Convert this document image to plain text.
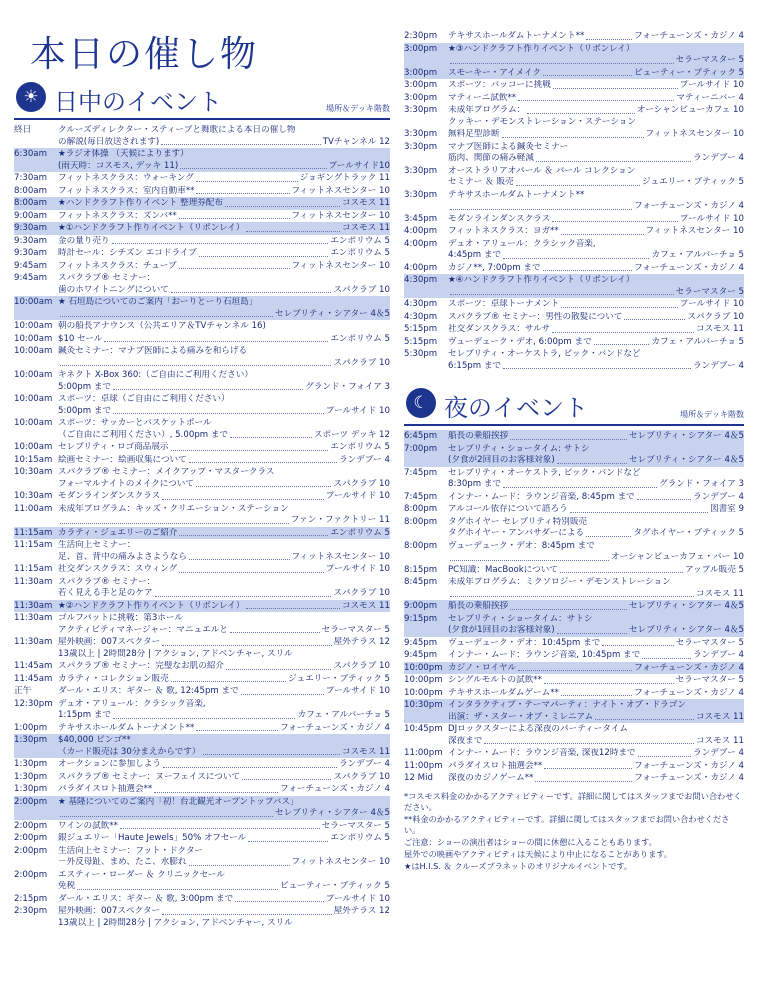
本日の催し物
☀ 日中のイベント	場所＆デッキ階数
終日	クルーズディレクター・スティーブと舞歌による本日の催し物
の解説(毎日放送されます)	TVチャンネル 12
6:30am	★ラジオ体操 （天候によります）
(雨天時：コスモス, デッキ 11)	プールサイド10
7:30am	フィットネスクラス：ウォーキング	ジョギングトラック 11
8:00am	フィットネスクラス：室内自動車**	フィットネスセンター 10
8:00am	★ハンドクラフト作りイベント 整理券配布	コスモス 11
9:00am	フィットネスクラス：ズンバ**	フィットネスセンター 10
9:30am	★①ハンドクラフト作りイベント（リボンレイ）	コスモス 11
9:30am	金の量り売り	エンポリウム 5
9:30am	時計セール：シチズン エコドライブ	エンポリウム 5
9:45am	フィットネスクラス：チューブ	フィットネスセンター 10
9:45am	スパクラブ® セミナー：
歯のホワイトニングについて	スパクラブ 10
10:00am ★ 石垣島についてのご案内「おーりとーり石垣島」
セレブリティ・シアター 4＆5
10:00am 朝の船長アナウンス（公共エリア＆TVチャンネル 16)
10:00am $10 セール	エンポリウム 5
10:00am 鍼灸セミナー：マナブ医師による痛みを和らげる
スパクラブ 10
10:00am キネクト X-Box 360:（ご自由にご利用ください）
5:00pm まで	グランド・フォイア 3
10:00am スポーツ：卓球（ご自由にご利用ください）
5:00pm まで	プールサイド 10
10:00am スポーツ：サッカーとバスケットボール
（ご自由にご利用ください）, 5.00pm まで	スポーツ デッキ 12
10:00am セレブリティ・ロゴ商品展示	エンポリウム 5
10:15am 絵画セミナー：絵画収集について	ランデブー 4
10:30am スパクラブ® セミナー：メイクアップ・マスタークラス
フォーマルナイトのメイクについて	スパクラブ 10
10:30am モダンラインダンスクラス	プールサイド 10
11:00am 未成年プログラム：キッズ・クリエーション・ステーション
ファン・ファクトリー 11
11:15am カラティ・ジュエリーのご紹介	エンポリウム 5
11:15am 生活向上セミナー：
足、首、背中の痛みよさようなら	フィットネスセンター 10
11:15am 社交ダンスクラス：スウィング	プールサイド 10
11:30am スパクラブ® セミナー：
若く見える手と足のケア	スパクラブ 10
11:30am ★②ハンドクラフト作りイベント（リボンレイ）	コスモス 11
11:30am ゴルフパットに挑戦：第3ホール
アクティビティマネージャー：マニュエルと	セラーマスター 5
11:30am 屋外映画：007スペクター	屋外テラス 12
13歳以上 | 2時間28分 | アクション, アドベンチャー, スリル
11:45am スパクラブ® セミナー：完璧なお肌の紹介	スパクラブ 10
11:45am カラティ・コレクション販売	ジュエリー・ブティック 5
正午	ダール・エリス：ギター ＆ 歌, 12:45pm まで	プールサイド 10
12:30pm デュオ・アリュール：クラシック音楽,
1:15pm まで	カフェ・アルバーチョ 5
1:00pm	テキサスホールダムトーナメント**	フォーチューンズ・カジノ 4
1:30pm	$40,000 ビンゴ**
（カード販売は 30分まえからです）	コスモス 11
1:30pm	オークションに参加しよう	ランデブー 4
1:30pm	スパクラブ® セミナー：ヌーフェイスについて	スパクラブ 10
1:30pm	パラダイスロト抽選会**	フォーチューンズ・カジノ 4
2:00pm	★ 基隆についてのご案内「初！台北観光オープントップバス」
セレブリティ・シアター 4＆5
2:00pm	ワインの試飲**	セラーマスター 5
2:00pm	銀ジュエリー「Haute Jewels」50% オフセール	エンポリウム 5
2:00pm	生活向上セミナー：フット・ドクター
－外反母趾、まめ、たこ、水膨れ	フィットネスセンター 10
2:00pm	エスティー・ローダー ＆ クリニックセール
免税	ビューティー・ブティック 5
2:15pm	ダール・エリス：ギター ＆ 歌, 3:00pm まで	プールサイド 10
2:30pm	屋外映画：007スペクター	屋外テラス 12
13歳以上 | 2時間28分 | アクション, アドベンチャー, スリル
2:30pm	テキサスホールダムトーナメント**	フォーチューンズ・カジノ 4
3:00pm	★③ハンドクラフト作りイベント（リボンレイ）
セラーマスター 5
3:00pm	スモーキー・アイメイク	ビューティー・ブティック 5
3:00pm	スポーツ：バッコーに挑戦	プールサイド 10
3:00pm	マティーニ試飲**	マティーニバー 4
3:30pm	未成年プログラム：	オーシャンビューカフェ 10
クッキー・デモンストレーション・ステーション
3:30pm	無料足型診断	フィットネスセンター 10
3:30pm	マナブ医師による鍼灸セミナー
筋肉、関節の痛み軽減	ランデブー 4
3:30pm	オーストラリアオパール ＆ パール コレクション
セミナー ＆ 販売	ジュエリー・ブティック 5
3:30pm	テキサスホールダムトーナメント**
フォーチューンズ・カジノ 4
3:45pm	モダンラインダンスクラス	プールサイド 10
4:00pm	フィットネスクラス：ヨガ**	フィットネスセンター 10
4:00pm	デュオ・アリュール：クラシック音楽,
4:45pm まで	カフェ・アルバーチョ 5
4:00pm	カジノ**, 7:00pm まで	フォーチューンズ・カジノ 4
4:30pm	★④ハンドクラフト作りイベント（リボンレイ）
セラーマスター 5
4:30pm	スポーツ：卓球トーナメント	プールサイド 10
4:30pm	スパクラブ® セミナー：男性の散髪について	スパクラブ 10
5:15pm	社交ダンスクラス：サルサ	コスモス 11
5:15pm	ヴューデューク・デオ, 6:00pm まで	カフェ・アルバーチョ 5
5:30pm	セレブリティ・オーケストラ, ビック・バンドなど
6:15pm まで	ランデブー 4
☾ 夜のイベント	場所＆デッキ階数
6:45pm	船長の乗船挨拶	セレブリティ・シアター 4＆5
7:00pm	セレブリティ・ショータイム: サトシ
(夕食が2回目のお客様対象)	セレブリティ・シアター 4＆5
7:45pm	セレブリティ・オーケストラ, ビック・バンドなど
8:30pm まで	グランド・フォイア 3
7:45pm	インナー・ムード：ラウンジ音楽, 8:45pm まで	ランデブー 4
8:00pm	アルコール依存について語ろう	図書室 9
8:00pm	タグホイヤー セレブリティ特別販売
タグホイヤー・アンバサダーによる	タグホイヤー・ブティック 5
8:00pm	ヴューデューク・デオ：8:45pm まで
オーシャンビューカフェ・バー 10
8:15pm	PC知識：MacBookについて	アップル販売 5
8:45pm	未成年プログラム：ミクソロジー・デモンストレーション
コスモス 11
9:00pm	船長の乗船挨拶	セレブリティ・シアター 4＆5
9:15pm	セレブリティ・ショータイム：サトシ
(夕食が1回目のお客様対象)	セレブリティ・シアター 4＆5
9:45pm	ヴューデューク・デオ：10:45pm まで	セラーマスター 5
9:45pm	インナー・ムード：ラウンジ音楽, 10:45pm まで	ランデブー 4
10:00pm カジノ・ロイヤル	フォーチューンズ・カジノ 4
10:00pm シングルモルトの試飲**	セラーマスター 5
10:00pm テキサスホールダムゲーム**	フォーチューンズ・カジノ 4
10:30pm インタラクティブ・テーマパーティ：ナイト・オブ・ドラゴン
出演：ザ・スター・オブ・ミレニアム	コスモス 11
10:45pm DJロックスターによる深夜のパーティータイム
深夜まで	コスモス 11
11:00pm インナー・ムード：ラウンジ音楽, 深夜12時まで	ランデブー 4
11:00pm パラダイスロト抽選会**	フォーチューンズ・カジノ 4
12 Mid	深夜のカジノゲーム**	フォーチューンズ・カジノ 4
*コスモス料金のかかるアクティビティーです。詳細に関してはスタッフまでお問い合わせください。
**料金のかかるアクティビティーです。詳細に関してはスタッフまでお問い合わせください。
ご注意：ショーの演出者はショーの間に休憩に入ることもあります。
屋外での映画やアクティビティは天候により中止になることがあります。
★はH.I.S. ＆ クルーズプラネットのオリジナルイベントです。
